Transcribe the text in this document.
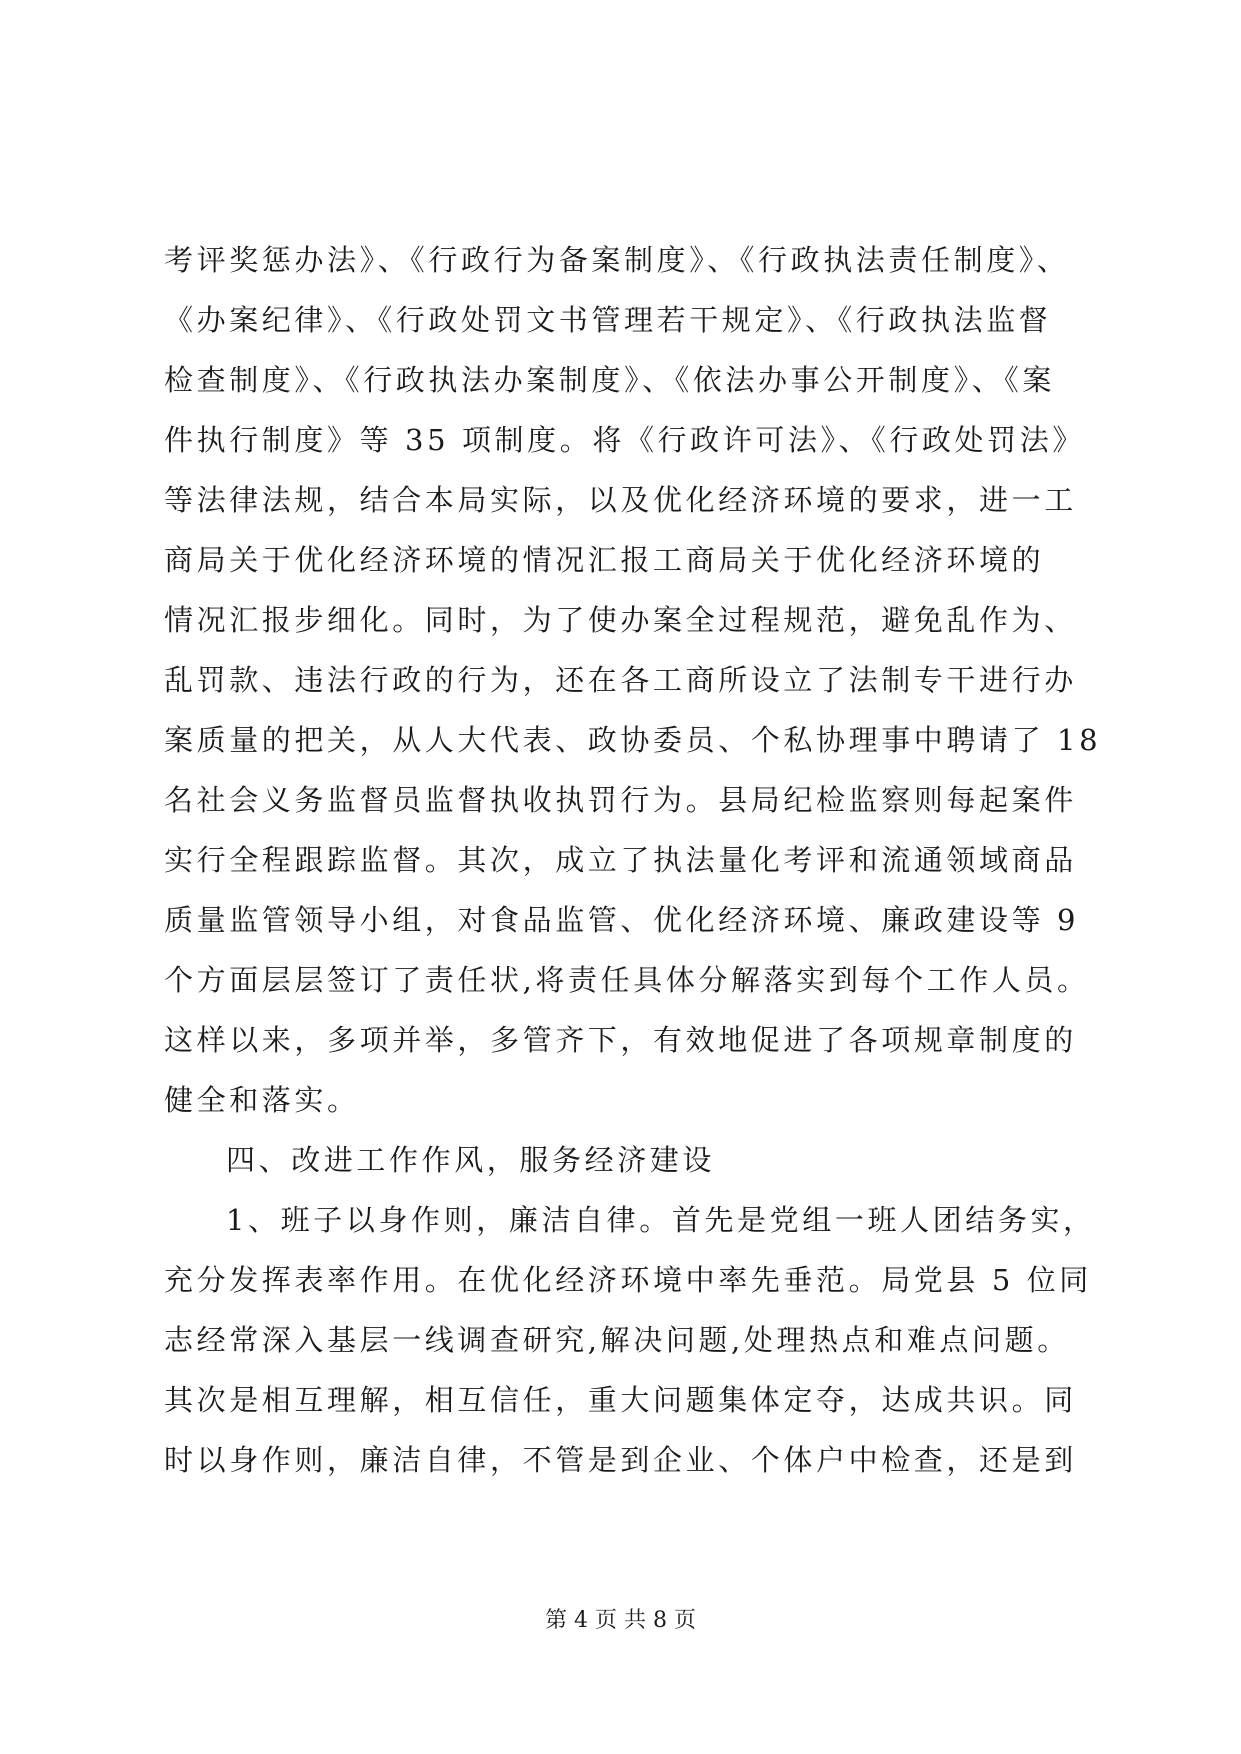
考评奖惩办法》、《行政行为备案制度》、《行政执法责任制度》、
《办案纪律》、《行政处罚文书管理若干规定》、《行政执法监督
检查制度》、《行政执法办案制度》、《依法办事公开制度》、《案
件执行制度》等 35 项制度。将《行政许可法》、《行政处罚法》
等法律法规，结合本局实际，以及优化经济环境的要求，进一工
商局关于优化经济环境的情况汇报工商局关于优化经济环境的
情况汇报步细化。同时，为了使办案全过程规范，避免乱作为、
乱罚款、违法行政的行为，还在各工商所设立了法制专干进行办
案质量的把关，从人大代表、政协委员、个私协理事中聘请了 18
名社会义务监督员监督执收执罚行为。县局纪检监察则每起案件
实行全程跟踪监督。其次，成立了执法量化考评和流通领域商品
质量监管领导小组，对食品监管、优化经济环境、廉政建设等 9
个方面层层签订了责任状,将责任具体分解落实到每个工作人员。
这样以来，多项并举，多管齐下，有效地促进了各项规章制度的
健全和落实。
四、改进工作作风，服务经济建设
1、班子以身作则，廉洁自律。首先是党组一班人团结务实，
充分发挥表率作用。在优化经济环境中率先垂范。局党县 5 位同
志经常深入基层一线调查研究,解决问题,处理热点和难点问题。
其次是相互理解，相互信任，重大问题集体定夺，达成共识。同
时以身作则，廉洁自律，不管是到企业、个体户中检查，还是到
第 4 页 共 8 页
